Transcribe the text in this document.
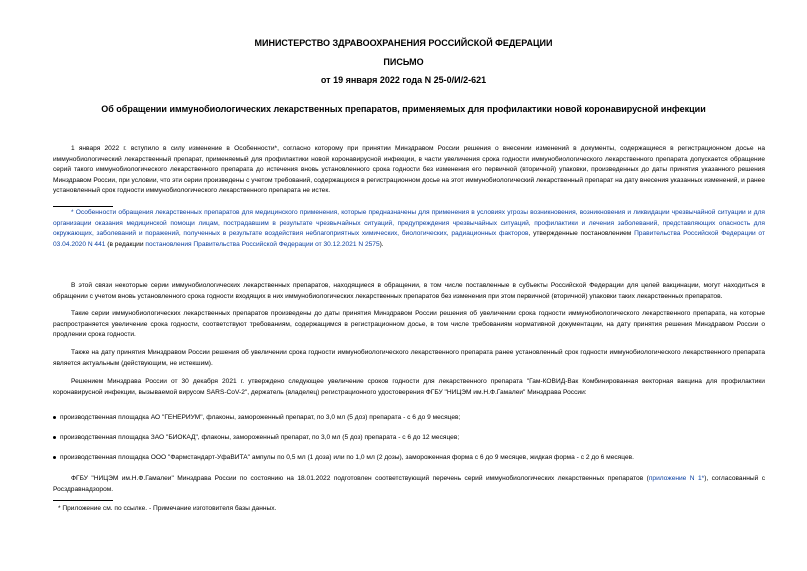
МИНИСТЕРСТВО ЗДРАВООХРАНЕНИЯ РОССИЙСКОЙ ФЕДЕРАЦИИ
ПИСЬМО
от 19 января 2022 года N 25-0/И/2-621
Об обращении иммунобиологических лекарственных препаратов, применяемых для профилактики новой коронавирусной инфекции
1 января 2022 г. вступило в силу изменение в Особенности*, согласно которому при принятии Минздравом России решения о внесении изменений в документы, содержащиеся в регистрационном досье на иммунобиологический лекарственный препарат, применяемый для профилактики новой коронавирусной инфекции, в части увеличения срока годности иммунобиологического лекарственного препарата допускается обращение серий такого иммунобиологического лекарственного препарата до истечения вновь установленного срока годности без изменения его первичной (вторичной) упаковки, произведенных до даты принятия указанного решения Минздравом России, при условии, что эти серии произведены с учетом требований, содержащихся в регистрационном досье на этот иммунобиологический лекарственный препарат на дату внесения указанных изменений, и ранее установленный срок годности иммунобиологического лекарственного препарата не истек.
* Особенности обращения лекарственных препаратов для медицинского применения, которые предназначены для применения в условиях угрозы возникновения, возникновения и ликвидации чрезвычайной ситуации и для организации оказания медицинской помощи лицам, пострадавшим в результате чрезвычайных ситуаций, предупреждения чрезвычайных ситуаций, профилактики и лечения заболеваний, представляющих опасность для окружающих, заболеваний и поражений, полученных в результате воздействия неблагоприятных химических, биологических, радиационных факторов, утвержденные постановлением Правительства Российской Федерации от 03.04.2020 N 441 (в редакции постановления Правительства Российской Федерации от 30.12.2021 N 2575).
В этой связи некоторые серии иммунобиологических лекарственных препаратов, находящиеся в обращении, в том числе поставленные в субъекты Российской Федерации для целей вакцинации, могут находиться в обращении с учетом вновь установленного срока годности входящих в них иммунобиологических лекарственных препаратов без изменения при этом первичной (вторичной) упаковки таких лекарственных препаратов.
Такие серии иммунобиологических лекарственных препаратов произведены до даты принятия Минздравом России решения об увеличении срока годности иммунобиологического лекарственного препарата, на которые распространяется увеличение срока годности, соответствуют требованиям, содержащимся в регистрационном досье, в том числе требованиям нормативной документации, на дату принятия решения Минздравом России о продлении срока годности.
Также на дату принятия Минздравом России решения об увеличении срока годности иммунобиологического лекарственного препарата ранее установленный срок годности иммунобиологического лекарственного препарата является актуальным (действующим, не истекшим).
Решением Минздрава России от 30 декабря 2021 г. утверждено следующее увеличение сроков годности для лекарственного препарата "Гам-КОВИД-Вак Комбинированная векторная вакцина для профилактики коронавирусной инфекции, вызываемой вирусом SARS-CoV-2", держатель (владелец) регистрационного удостоверения ФГБУ "НИЦЭМ им.Н.Ф.Гамалеи" Минздрава России:
производственная площадка АО "ГЕНЕРИУМ", флаконы, замороженный препарат, по 3,0 мл (5 доз) препарата - с 6 до 9 месяцев;
производственная площадка ЗАО "БИОКАД", флаконы, замороженный препарат, по 3,0 мл (5 доз) препарата - с 6 до 12 месяцев;
производственная площадка ООО "Фармстандарт-УфаВИТА" ампулы по 0,5 мл (1 доза) или по 1,0 мл (2 дозы), замороженная форма с 6 до 9 месяцев, жидкая форма - с 2 до 6 месяцев.
ФГБУ "НИЦЭМ им.Н.Ф.Гамалеи" Минздрава России по состоянию на 18.01.2022 подготовлен соответствующий перечень серий иммунобиологических лекарственных препаратов (приложение N 1*), согласованный с Росздравнадзором.
* Приложение см. по ссылке. - Примечание изготовителя базы данных.
